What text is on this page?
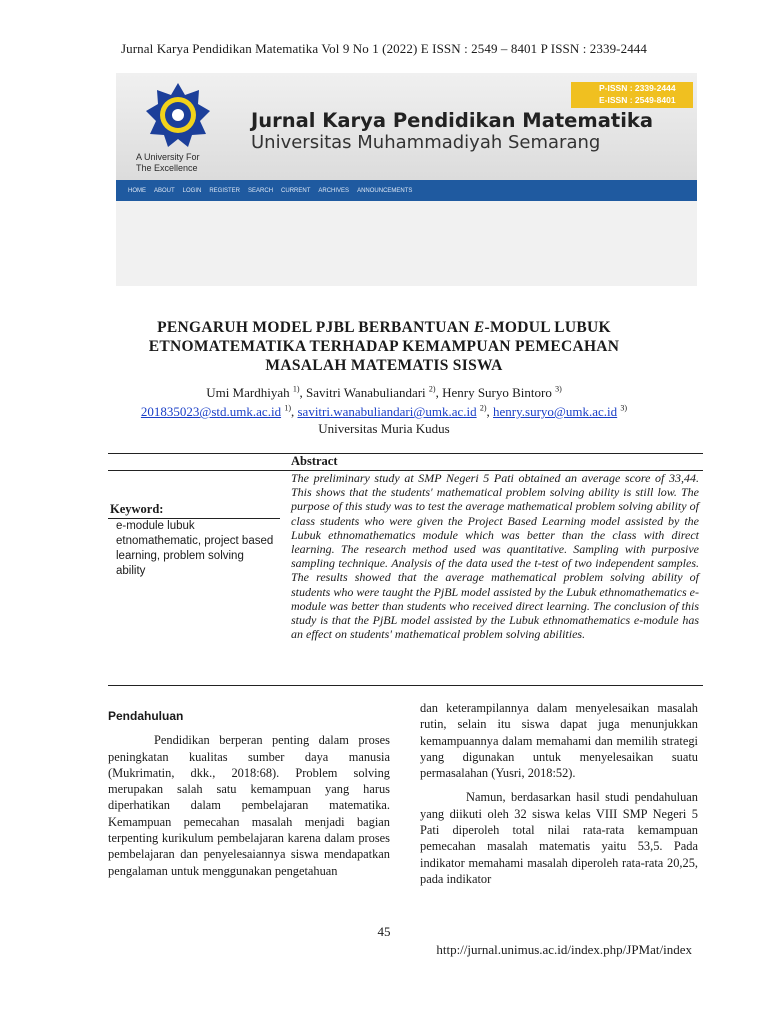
Jurnal Karya Pendidikan Matematika Vol 9 No 1 (2022) E ISSN : 2549 – 8401 P ISSN : 2339-2444
A University For
The Excellence
Jurnal Karya Pendidikan Matematika
Universitas Muhammadiyah Semarang
P-ISSN : 2339-2444
E-ISSN : 2549-8401
HOME ABOUT LOGIN REGISTER SEARCH CURRENT ARCHIVES ANNOUNCEMENTS
PENGARUH MODEL PJBL BERBANTUAN E-MODUL LUBUK
ETNOMATEMATIKA TERHADAP KEMAMPUAN PEMECAHAN
MASALAH MATEMATIS SISWA
Umi Mardhiyah $^{1)}$, Savitri Wanabuliandari $^{2)}$, Henry Suryo Bintoro $^{3)}$
201835023@std.umk.ac.id $^{1)}$, savitri.wanabuliandari@umk.ac.id $^{2)}$, henry.suryo@umk.ac.id $^{3)}$
Universitas Muria Kudus
Abstract
Keyword:
e-module lubuk etnomathematic, project based learning, problem solving ability
The preliminary study at SMP Negeri 5 Pati obtained an average score of 33,44. This shows that the students' mathematical problem solving ability is still low. The purpose of this study was to test the average mathematical problem solving ability of class students who were given the Project Based Learning model assisted by the Lubuk ethnomathematics module which was better than the class with direct learning. The research method used was quantitative. Sampling with purposive sampling technique. Analysis of the data used the t-test of two independent samples. The results showed that the average mathematical problem solving ability of students who were taught the PjBL model assisted by the Lubuk ethnomathematics e-module was better than students who received direct learning. The conclusion of this study is that the PjBL model assisted by the Lubuk ethnomathematics e-module has an effect on students' mathematical problem solving abilities.
Pendahuluan
Pendidikan berperan penting dalam proses peningkatan kualitas sumber daya manusia (Mukrimatin, dkk., 2018:68). Problem solving merupakan salah satu kemampuan yang harus diperhatikan dalam pembelajaran matematika. Kemampuan pemecahan masalah menjadi bagian terpenting kurikulum pembelajaran karena dalam proses pembelajaran dan penyelesaiannya siswa mendapatkan pengalaman untuk menggunakan pengetahuan
dan keterampilannya dalam menyelesaikan masalah rutin, selain itu siswa dapat juga menunjukkan kemampuannya dalam memahami dan memilih strategi yang digunakan untuk menyelesaikan suatu permasalahan (Yusri, 2018:52).
Namun, berdasarkan hasil studi pendahuluan yang diikuti oleh 32 siswa kelas VIII SMP Negeri 5 Pati diperoleh total nilai rata-rata kemampuan pemecahan masalah matematis yaitu 53,5. Pada indikator memahami masalah diperoleh rata-rata 20,25, pada indikator
45
http://jurnal.unimus.ac.id/index.php/JPMat/index
